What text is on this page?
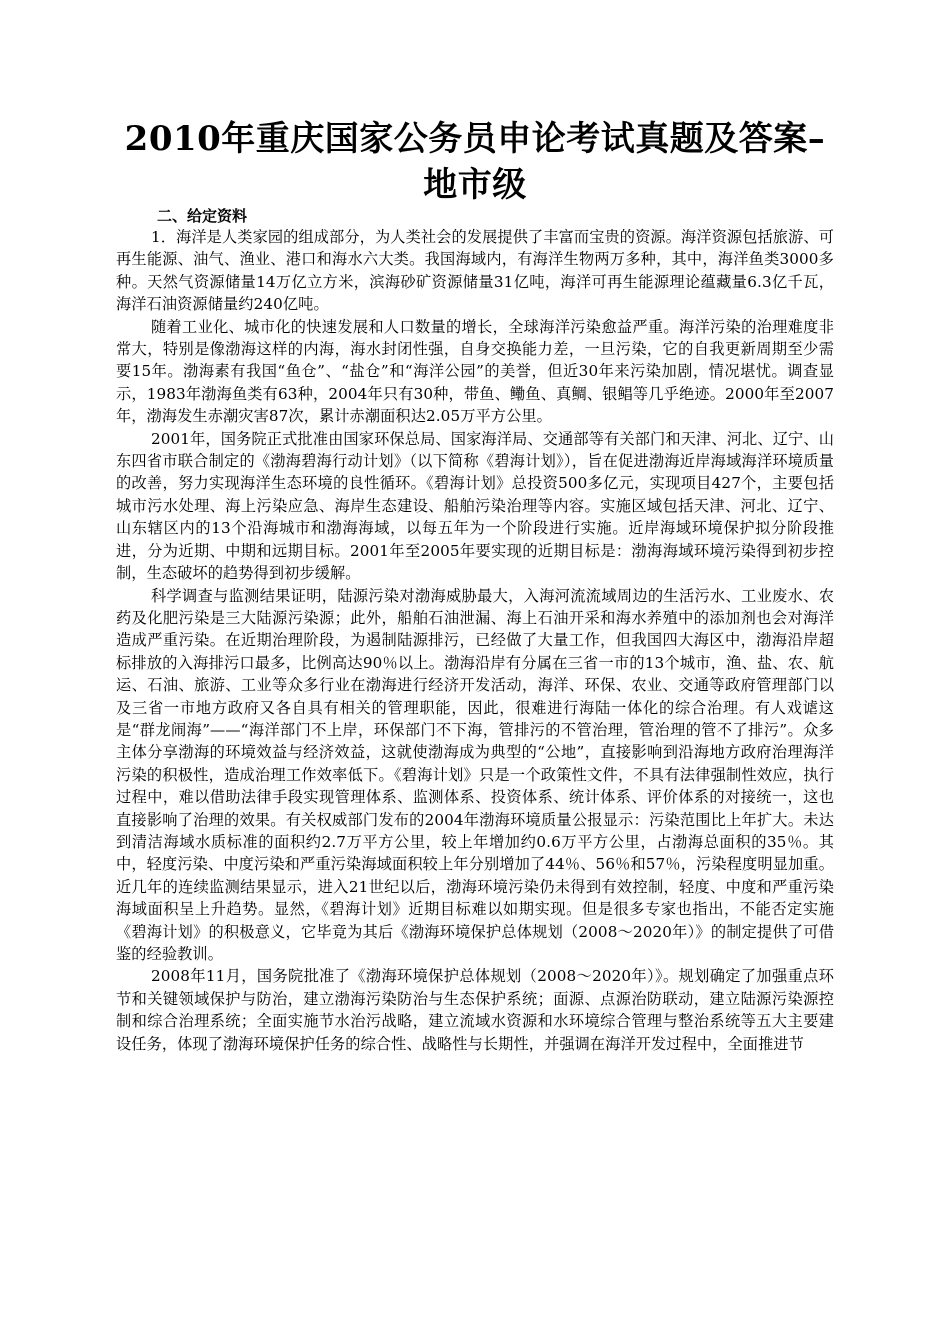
2010年重庆国家公务员申论考试真题及答案–地市级
二、给定资料

1．海洋是人类家园的组成部分，为人类社会的发展提供了丰富而宝贵的资源。海洋资源包括旅游、可再生能源、油气、渔业、港口和海水六大类。我国海域内，有海洋生物两万多种，其中，海洋鱼类3000多种。天然气资源储量14万亿立方米，滨海砂矿资源储量31亿吨，海洋可再生能源理论蕴藏量6.3亿千瓦，海洋石油资源储量约240亿吨。

随着工业化、城市化的快速发展和人口数量的增长，全球海洋污染愈益严重。海洋污染的治理难度非常大，特别是像渤海这样的内海，海水封闭性强，自身交换能力差，一旦污染，它的自我更新周期至少需要15年。渤海素有我国“鱼仓”、“盐仓”和“海洋公园”的美誉，但近30年来污染加剧，情况堪忧。调查显示，1983年渤海鱼类有63种，2004年只有30种，带鱼、鳓鱼、真鲷、银鲳等几乎绝迹。2000年至2007年，渤海发生赤潮灾害87次，累计赤潮面积达2.05万平方公里。

2001年，国务院正式批准由国家环保总局、国家海洋局、交通部等有关部门和天津、河北、辽宁、山东四省市联合制定的《渤海碧海行动计划》（以下简称《碧海计划》），旨在促进渤海近岸海域海洋环境质量的改善，努力实现海洋生态环境的良性循环。《碧海计划》总投资500多亿元，实现项目427个，主要包括城市污水处理、海上污染应急、海岸生态建设、船舶污染治理等内容。实施区域包括天津、河北、辽宁、山东辖区内的13个沿海城市和渤海海域，以每五年为一个阶段进行实施。近岸海域环境保护拟分阶段推进，分为近期、中期和远期目标。2001年至2005年要实现的近期目标是：渤海海域环境污染得到初步控制，生态破坏的趋势得到初步缓解。

科学调查与监测结果证明，陆源污染对渤海威胁最大，入海河流流域周边的生活污水、工业废水、农药及化肥污染是三大陆源污染源；此外，船舶石油泄漏、海上石油开采和海水养殖中的添加剂也会对海洋造成严重污染。在近期治理阶段，为遏制陆源排污，已经做了大量工作，但我国四大海区中，渤海沿岸超标排放的入海排污口最多，比例高达90％以上。渤海沿岸有分属在三省一市的13个城市，渔、盐、农、航运、石油、旅游、工业等众多行业在渤海进行经济开发活动，海洋、环保、农业、交通等政府管理部门以及三省一市地方政府又各自具有相关的管理职能，因此，很难进行海陆一体化的综合治理。有人戏谑这是“群龙闹海”——“海洋部门不上岸，环保部门不下海，管排污的不管治理，管治理的管不了排污”。众多主体分享渤海的环境效益与经济效益，这就使渤海成为典型的“公地”，直接影响到沿海地方政府治理海洋污染的积极性，造成治理工作效率低下。《碧海计划》只是一个政策性文件，不具有法律强制性效应，执行过程中，难以借助法律手段实现管理体系、监测体系、投资体系、统计体系、评价体系的对接统一，这也直接影响了治理的效果。有关权威部门发布的2004年渤海环境质量公报显示：污染范围比上年扩大。未达到清洁海域水质标准的面积约2.7万平方公里，较上年增加约0.6万平方公里，占渤海总面积的35％。其中，轻度污染、中度污染和严重污染海域面积较上年分别增加了44％、56％和57％，污染程度明显加重。近几年的连续监测结果显示，进入21世纪以后，渤海环境污染仍未得到有效控制，轻度、中度和严重污染海域面积呈上升趋势。显然，《碧海计划》近期目标难以如期实现。但是很多专家也指出，不能否定实施《碧海计划》的积极意义，它毕竟为其后《渤海环境保护总体规划（2008～2020年）》的制定提供了可借鉴的经验教训。

2008年11月，国务院批准了《渤海环境保护总体规划（2008～2020年）》。规划确定了加强重点环节和关键领域保护与防治，建立渤海污染防治与生态保护系统；面源、点源治防联动，建立陆源污染源控制和综合治理系统；全面实施节水治污战略，建立流域水资源和水环境综合管理与整治系统等五大主要建设任务，体现了渤海环境保护任务的综合性、战略性与长期性，并强调在海洋开发过程中，全面推进节
